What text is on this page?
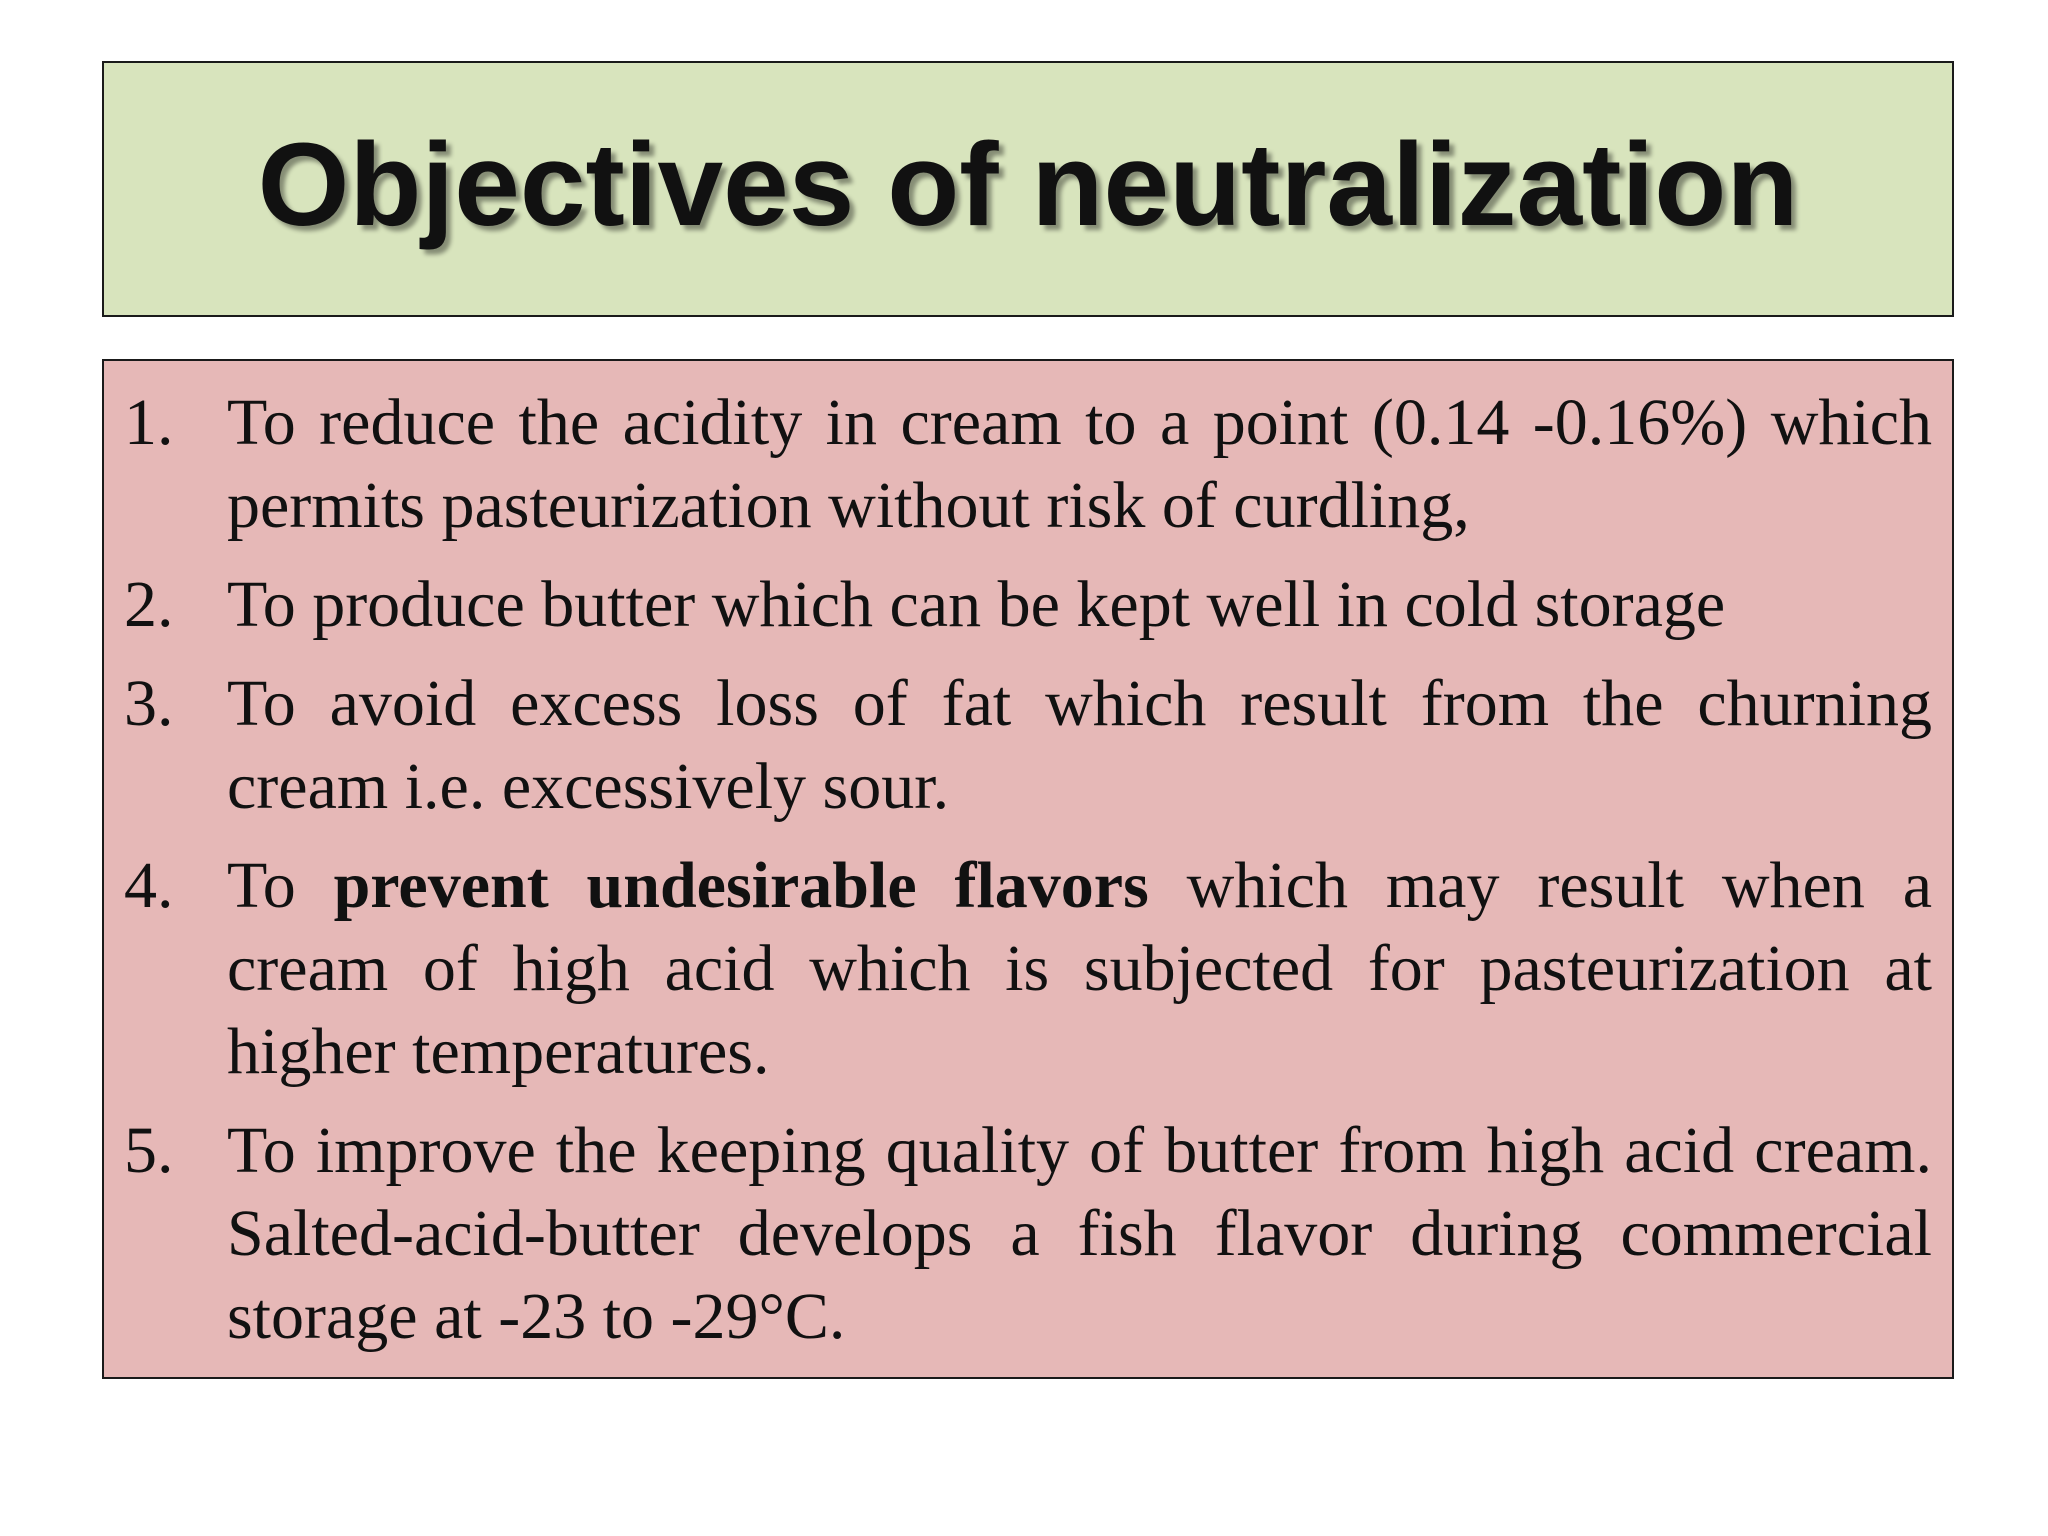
Objectives of neutralization
1. To reduce the acidity in cream to a point (0.14 -0.16%) which permits pasteurization without risk of curdling,
2. To produce butter which can be kept well in cold storage
3. To avoid excess loss of fat which result from the churning cream i.e. excessively sour.
4. To prevent undesirable flavors which may result when a cream of high acid which is subjected for pasteurization at higher temperatures.
5. To improve the keeping quality of butter from high acid cream. Salted-acid-butter develops a fish flavor during commercial storage at -23 to -29°C.
